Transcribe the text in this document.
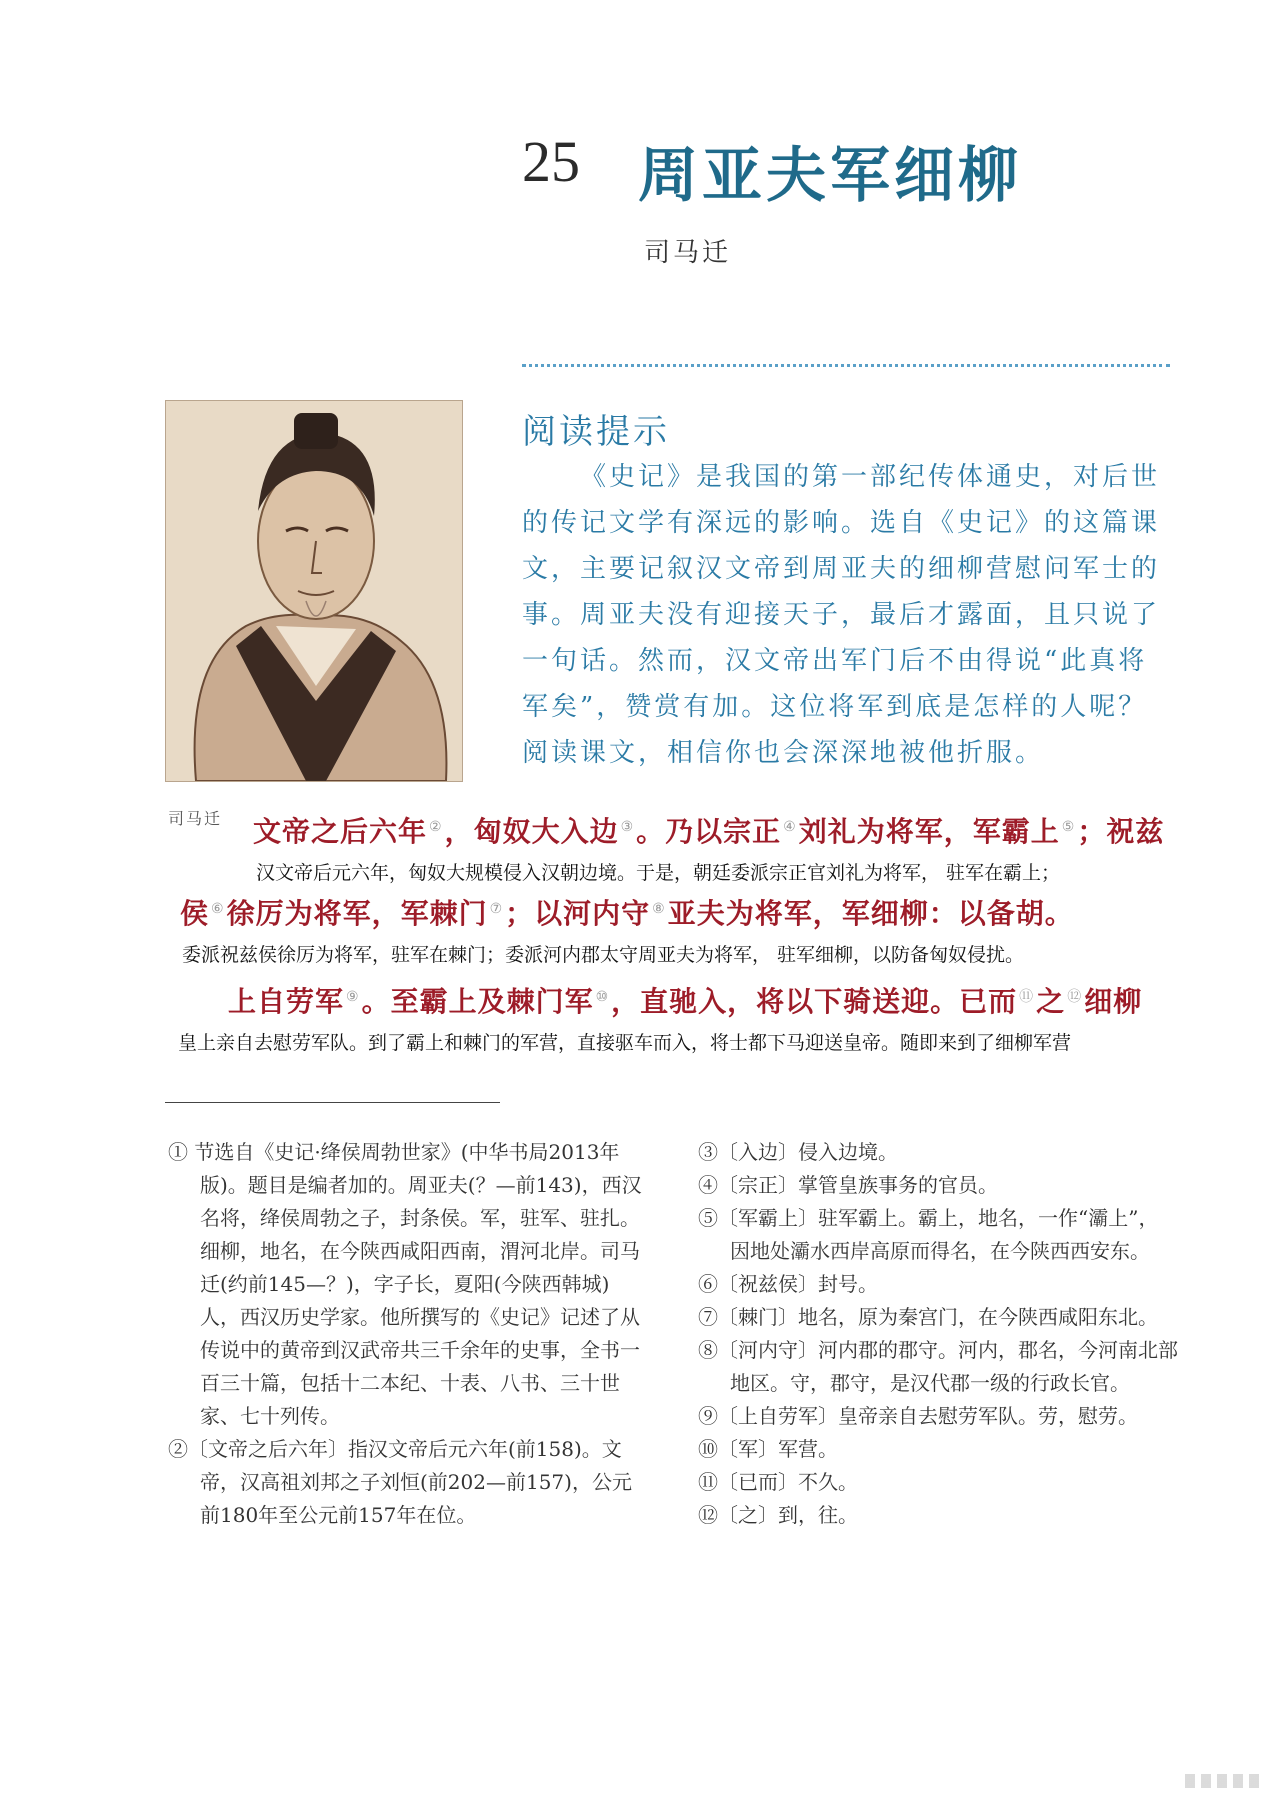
25 周亚夫军细柳
司马迁
阅读提示
《史记》是我国的第一部纪传体通史，对后世的传记文学有深远的影响。选自《史记》的这篇课文，主要记叙汉文帝到周亚夫的细柳营慰问军士的事。周亚夫没有迎接天子，最后才露面，且只说了一句话。然而，汉文帝出军门后不由得说“此真将军矣”，赞赏有加。这位将军到底是怎样的人呢？阅读课文，相信你也会深深地被他折服。
司马迁 文帝之后六年 ②，匈奴大入边 ③。乃以宗正 ④刘礼为将军，军霸上 ⑤；祝兹
汉文帝后元六年，匈奴大规模侵入汉朝边境。于是，朝廷委派宗正官刘礼为将军， 驻军在霸上；
侯 ⑥徐厉为将军，军棘门 ⑦；以河内守 ⑧亚夫为将军，军细柳：以备胡。
委派祝兹侯徐厉为将军，驻军在棘门；委派河内郡太守周亚夫为将军， 驻军细柳，以防备匈奴侵扰。
上自劳军 ⑨。至霸上及棘门军 ⑩，直驰入，将以下骑送迎。已而 ⑪之 ⑫细柳
皇上亲自去慰劳军队。到了霸上和棘门的军营，直接驱车而入，将士都下马迎送皇帝。随即来到了细柳军营

① 节选自《史记·绛侯周勃世家》(中华书局2013年版)。题目是编者加的。周亚夫(？—前143)，西汉名将，绛侯周勃之子，封条侯。军，驻军、驻扎。细柳，地名，在今陕西咸阳西南，渭河北岸。司马迁(约前145—？)，字子长，夏阳(今陕西韩城)人，西汉历史学家。他所撰写的《史记》记述了从传说中的黄帝到汉武帝共三千余年的史事，全书一百三十篇，包括十二本纪、十表、八书、三十世家、七十列传。

②〔文帝之后六年〕指汉文帝后元六年(前158)。文帝，汉高祖刘邦之子刘恒(前202—前157)，公元前180年至公元前157年在位。

③〔入边〕侵入边境。

④〔宗正〕掌管皇族事务的官员。

⑤〔军霸上〕驻军霸上。霸上，地名，一作“灞上”，因地处灞水西岸高原而得名，在今陕西西安东。

⑥〔祝兹侯〕封号。

⑦〔棘门〕地名，原为秦宫门，在今陕西咸阳东北。

⑧〔河内守〕河内郡的郡守。河内，郡名，今河南北部地区。守，郡守，是汉代郡一级的行政长官。

⑨〔上自劳军〕皇帝亲自去慰劳军队。劳，慰劳。

⑩〔军〕军营。

⑪〔已而〕不久。

⑫〔之〕到，往。
